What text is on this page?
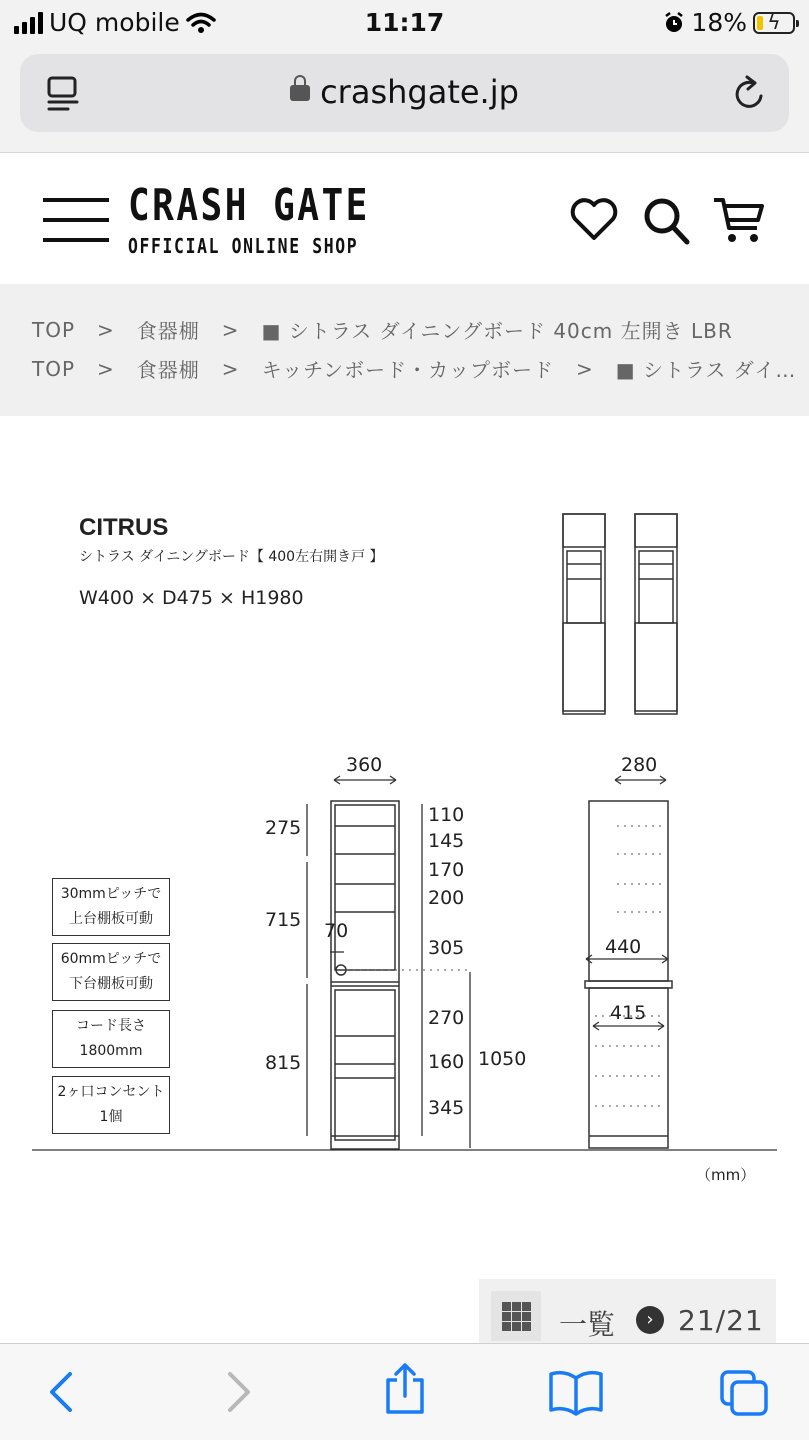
UQ mobile	11:17	18%	ϟ
crashgate.jp
CRASH GATE
OFFICIAL ONLINE SHOP
TOP > 食器棚 > ■ シトラス ダイニングボード 40cm 左開き LBR
TOP > 食器棚 > キッチンボード・カップボード > ■ シトラス ダイ…
CITRUS
シトラス ダイニングボード【 400左右開き戸 】
W400 × D475 × H1980
360	280
275
715
815
70
110
145
170
200
305
270
160
345
1050
440
415
30mmピッチで
上台棚板可動
60mmピッチで
下台棚板可動
コード長さ
1800mm
2ヶ口コンセント
1個
（mm）
一覧	› 21/21
